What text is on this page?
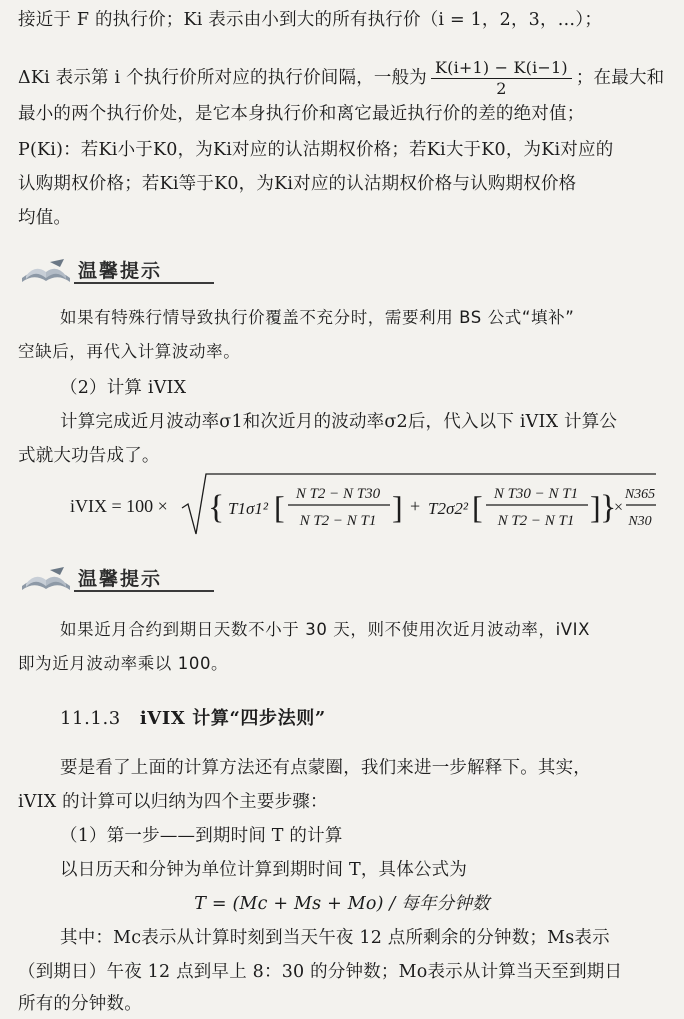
接近于 F 的执行价；Ki 表示由小到大的所有执行价（i = 1，2，3，…）；
ΔKi 表示第 i 个执行价所对应的执行价间隔，一般为 $\frac{K(i+1) - K(i-1)}{2}$ ；在最大和
最小的两个执行价处，是它本身执行价和离它最近执行价的差的绝对值；
P(Ki)：若Ki小于K0，为Ki对应的认沽期权价格；若Ki大于K0，为Ki对应的
认购期权价格；若Ki等于K0，为Ki对应的认沽期权价格与认购期权价格
均值。
温馨提示
如果有特殊行情导致执行价覆盖不充分时，需要利用 BS 公式“填补”
空缺后，再代入计算波动率。
（2）计算 iVIX
计算完成近月波动率σ1和次近月的波动率σ2后，代入以下 iVIX 计算公
式就大功告成了。
iVIX = 100 × { T1σ1² [ N T2 − N T30
N T2 − N T1 ] + T2σ2² [ N T30 − N T1
N T2 − N T1 ] }
×
N365
N30
温馨提示
如果近月合约到期日天数不小于 30 天，则不使用次近月波动率，iVIX
即为近月波动率乘以 100。
11.1.3 iVIX 计算“四步法则”
要是看了上面的计算方法还有点蒙圈，我们来进一步解释下。其实，
iVIX 的计算可以归纳为四个主要步骤：
（1）第一步——到期时间 T 的计算
以日历天和分钟为单位计算到期时间 T，具体公式为
T = (Mc + Ms + Mo) / 每年分钟数
其中：Mc表示从计算时刻到当天午夜 12 点所剩余的分钟数；Ms表示
（到期日）午夜 12 点到早上 8：30 的分钟数；Mo表示从计算当天至到期日
所有的分钟数。
